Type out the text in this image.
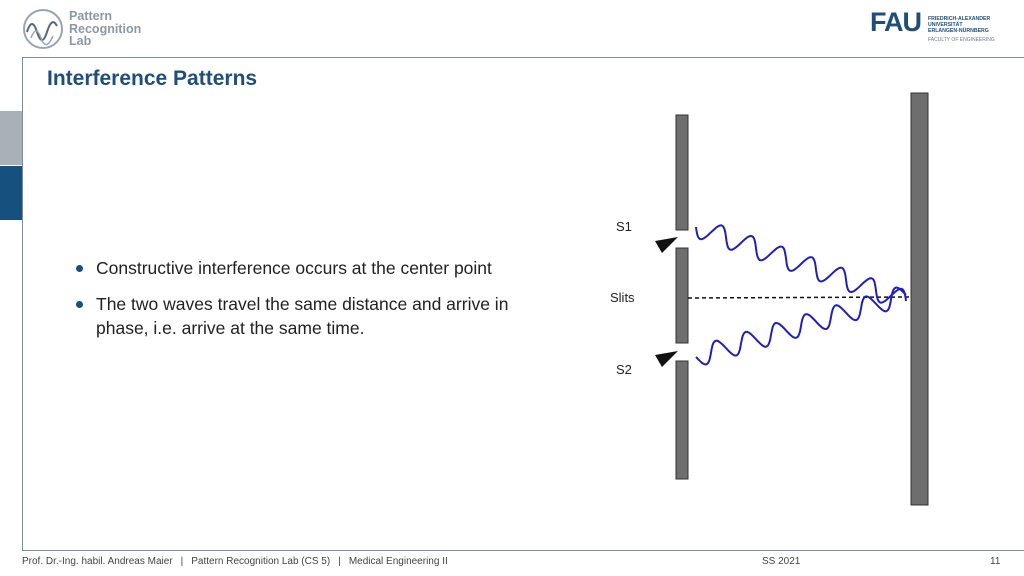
Pattern
Recognition
Lab
FAU FRIEDRICH-ALEXANDER
UNIVERSITÄT
ERLANGEN-NÜRNBERG
FACULTY OF ENGINEERING
Interference Patterns
Constructive interference occurs at the center point
The two waves travel the same distance and arrive in phase, i.e. arrive at the same time.
S1
Slits
S2
Prof. Dr.-Ing. habil. Andreas Maier | Pattern Recognition Lab (CS 5) | Medical Engineering II	SS 2021	11
